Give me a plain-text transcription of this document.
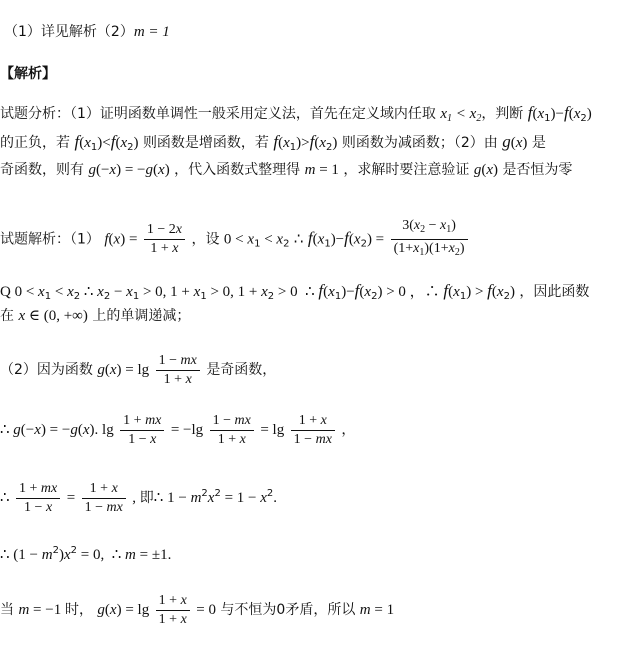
（1）详见解析（2）m = 1
【解析】
试题分析：（1）证明函数单调性一般采用定义法，首先在定义域内任取 $x_1 < x_2$，判断 $f(x_1)-f(x_2)$
的正负，若 $f(x_1)<f(x_2)$ 则函数是增函数，若 $f(x_1)>f(x_2)$ 则函数为减函数；（2）由 g(x) 是
奇函数，则有 g(−x) = −g(x) ，代入函数式整理得 m = 1 ，求解时要注意验证 g(x) 是否恒为零
试题解析：（1） $f(x) = \frac{1 - 2x}{1 + x}$ ，设 $0 < x_1 < x_2$ ∴ $f(x_1)-f(x_2) = \frac{3(x_2 - x_1)}{(1+x_1)(1+x_2)}$
Q $0 < x_1 < x_2$ ∴ $x_2 - x_1 > 0$, $1 + x_1 > 0$, $1 + x_2 > 0$  ∴ $f(x_1)-f(x_2) > 0$ ，∴ $f(x_1) > f(x_2)$ ，因此函数
在 x ∈ (0, +∞) 上的单调递减；
（2）因为函数 $g(x) = \lg \frac{1 - mx}{1 + x}$ 是奇函数，
∴ g(−x) = −g(x). $\lg \frac{1 + mx}{1 - x} = -\lg \frac{1 - mx}{1 + x} = \lg \frac{1 + x}{1 - mx}$ ，
∴ $\frac{1 + mx}{1 - x} = \frac{1 + x}{1 - mx}$ , 即∴ $1 - m^2x^2 = 1 - x^2$.
∴ $(1 - m^2)x^2 = 0$,  ∴ m = ±1.
当 m = −1 时， $g(x) = \lg \frac{1 + x}{1 + x} = 0$ 与不恒为0矛盾，所以 m = 1
